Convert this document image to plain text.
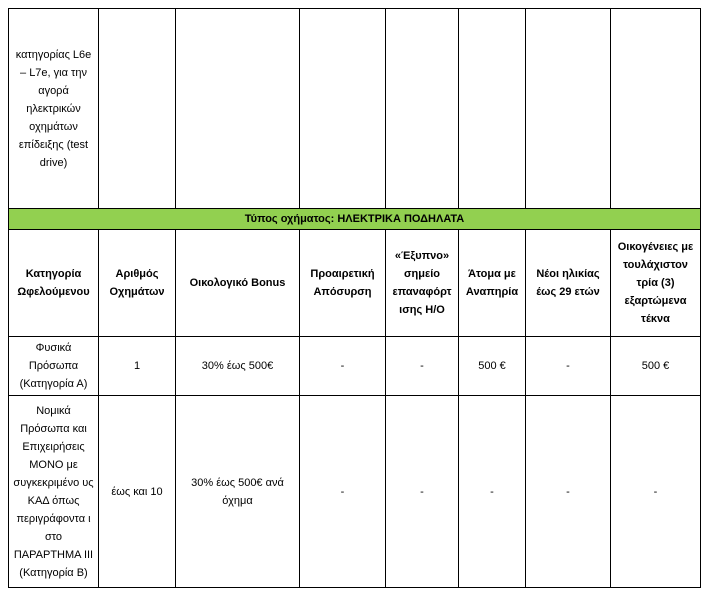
κατηγορίας L6e – L7e, για την αγορά ηλεκτρικών οχημάτων επίδειξης (test drive)							
Τύπος οχήματος: ΗΛΕΚΤΡΙΚΑ ΠΟΔΗΛΑΤΑ							
Κατηγορία Ωφελούμενου	Αριθμός Οχημάτων	Οικολογικό Bonus	Προαιρετική Απόσυρση	«Έξυπνο» σημείο επαναφόρτ ισης Η/Ο	Άτομα με Αναπηρία	Νέοι ηλικίας έως 29 ετών	Οικογένειες με τουλάχιστον τρία (3) εξαρτώμενα τέκνα
Φυσικά Πρόσωπα (Κατηγορία Α)	1	30% έως 500€	-	-	500 €	-	500 €
Νομικά Πρόσωπα και Επιχειρήσεις ΜΟΝΟ με συγκεκριμένο υς ΚΑΔ όπως περιγράφοντα ι στο ΠΑΡΑΡΤΗΜΑ ΙΙΙ (Κατηγορία Β)	έως και 10	30% έως 500€ ανά όχημα	-	-	-	-	-
